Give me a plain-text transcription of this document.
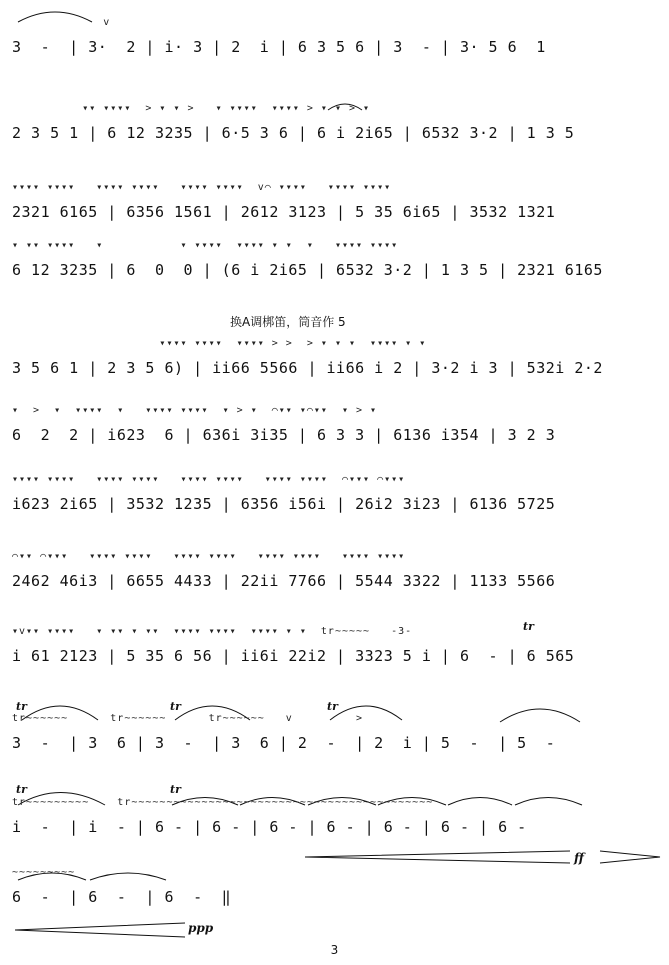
tr
tr	tr	tr
tr	tr
ff
ppp
换A调梆笛，筒音作 5
v
3  -  | 3·  2 | i· 3 | 2  i | 6 3 5 6 | 3  - | 3· 5 6  1
▾▾ ▾▾▾▾  > ▾ ▾ >   ▾ ▾▾▾▾  ▾▾▾▾ > ▾ ▾ > ▾
2 3 5 1 | 6 12 3235 | 6·5 3 6 | 6 i 2i65 | 6532 3·2 | 1 3 5
▾▾▾▾ ▾▾▾▾   ▾▾▾▾ ▾▾▾▾   ▾▾▾▾ ▾▾▾▾  v⌒ ▾▾▾▾   ▾▾▾▾ ▾▾▾▾
2321 6165 | 6356 1561 | 2612 3123 | 5 35 6i65 | 3532 1321
▾ ▾▾ ▾▾▾▾   ▾           ▾ ▾▾▾▾  ▾▾▾▾ ▾ ▾  ▾   ▾▾▾▾ ▾▾▾▾
6 12 3235 | 6  0  0 | (6 i 2i65 | 6532 3·2 | 1 3 5 | 2321 6165
▾▾▾▾ ▾▾▾▾  ▾▾▾▾ > >  > ▾ ▾ ▾  ▾▾▾▾ ▾ ▾
3 5 6 1 | 2 3 5 6) | ii66 5566 | ii66 i 2 | 3·2 i 3 | 532i 2·2
▾  >  ▾  ▾▾▾▾  ▾   ▾▾▾▾ ▾▾▾▾  ▾ > ▾  ⌒▾▾ ▾⌒▾▾  ▾ > ▾
6  2  2 | i623  6 | 636i 3i35 | 6 3 3 | 6136 i354 | 3 2 3
▾▾▾▾ ▾▾▾▾   ▾▾▾▾ ▾▾▾▾   ▾▾▾▾ ▾▾▾▾   ▾▾▾▾ ▾▾▾▾  ⌒▾▾▾ ⌒▾▾▾
i623 2i65 | 3532 1235 | 6356 i56i | 26i2 3i23 | 6136 5725
⌒▾▾ ⌒▾▾▾   ▾▾▾▾ ▾▾▾▾   ▾▾▾▾ ▾▾▾▾   ▾▾▾▾ ▾▾▾▾   ▾▾▾▾ ▾▾▾▾
2462 46i3 | 6655 4433 | 22ii 7766 | 5544 3322 | 1133 5566
▾v▾▾ ▾▾▾▾   ▾ ▾▾ ▾ ▾▾  ▾▾▾▾ ▾▾▾▾  ▾▾▾▾ ▾ ▾  tr~~~~~   -3-
i 61 2123 | 5 35 6 56 | ii6i 22i2 | 3323 5 i | 6  - | 6 565
tr~~~~~~      tr~~~~~~      tr~~~~~~   v         >
3  -  | 3  6 | 3  -  | 3  6 | 2  -  | 2  i | 5  -  | 5  -
tr~~~~~~~~~    tr~~~~~~~~~~~~~~~~~~~~~~~~~~~~~~~~~~~~~~~~~~~
i  -  | i  - | 6 - | 6 - | 6 - | 6 - | 6 - | 6 - | 6 -
~~~~~~~~~
6  -  | 6  -  | 6  -  ‖
3
